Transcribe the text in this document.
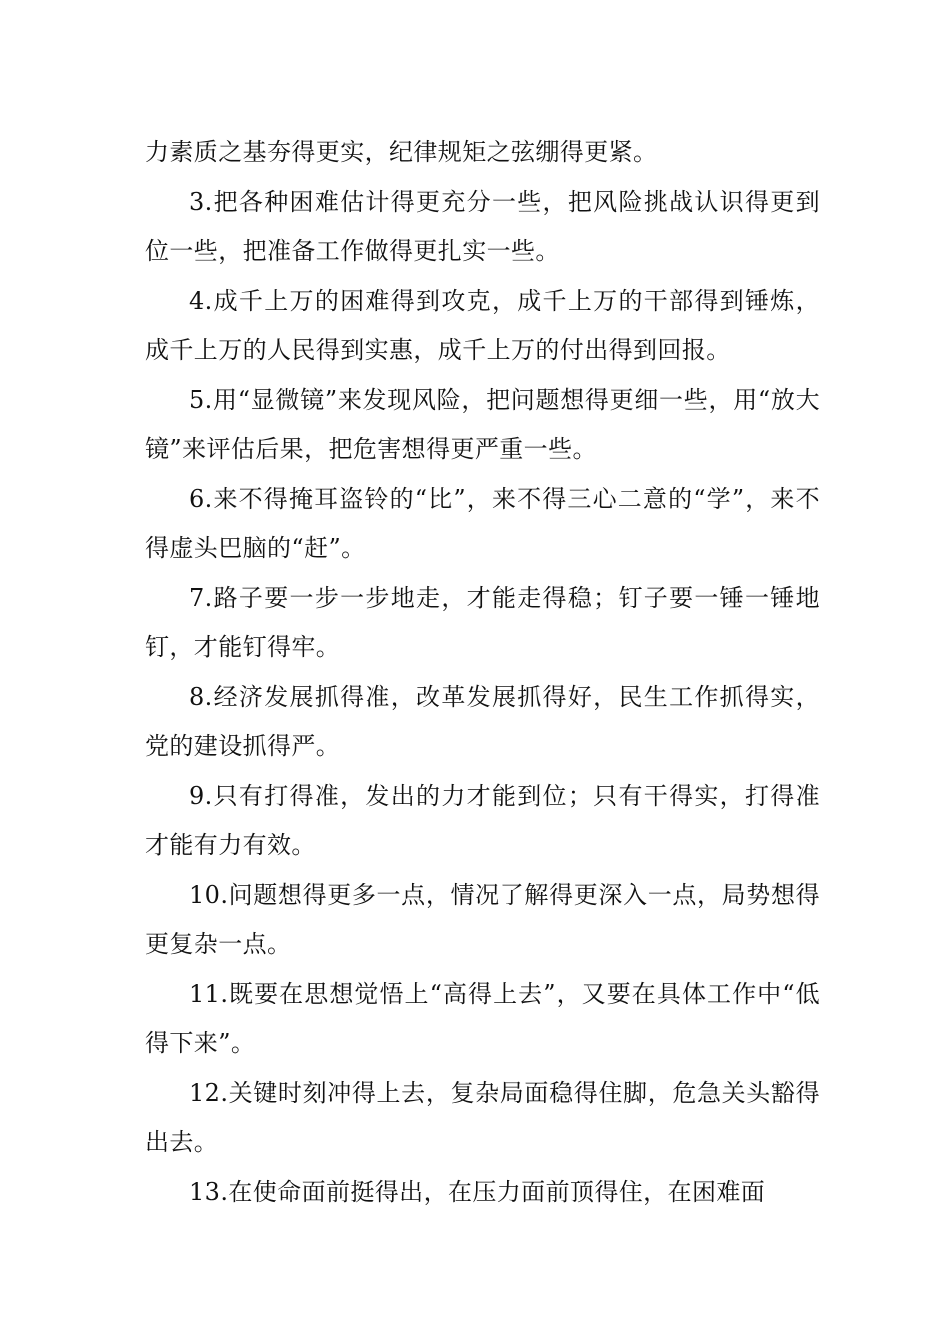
力素质之基夯得更实，纪律规矩之弦绷得更紧。

3.把各种困难估计得更充分一些，把风险挑战认识得更到位一些，把准备工作做得更扎实一些。

4.成千上万的困难得到攻克，成千上万的干部得到锤炼，成千上万的人民得到实惠，成千上万的付出得到回报。

5.用“显微镜”来发现风险，把问题想得更细一些，用“放大镜”来评估后果，把危害想得更严重一些。

6.来不得掩耳盗铃的“比”，来不得三心二意的“学”，来不得虚头巴脑的“赶”。

7.路子要一步一步地走，才能走得稳；钉子要一锤一锤地钉，才能钉得牢。

8.经济发展抓得准，改革发展抓得好，民生工作抓得实，党的建设抓得严。

9.只有打得准，发出的力才能到位；只有干得实，打得准才能有力有效。

10.问题想得更多一点，情况了解得更深入一点，局势想得更复杂一点。

11.既要在思想觉悟上“高得上去”，又要在具体工作中“低得下来”。

12.关键时刻冲得上去，复杂局面稳得住脚，危急关头豁得出去。

13.在使命面前挺得出，在压力面前顶得住，在困难面
